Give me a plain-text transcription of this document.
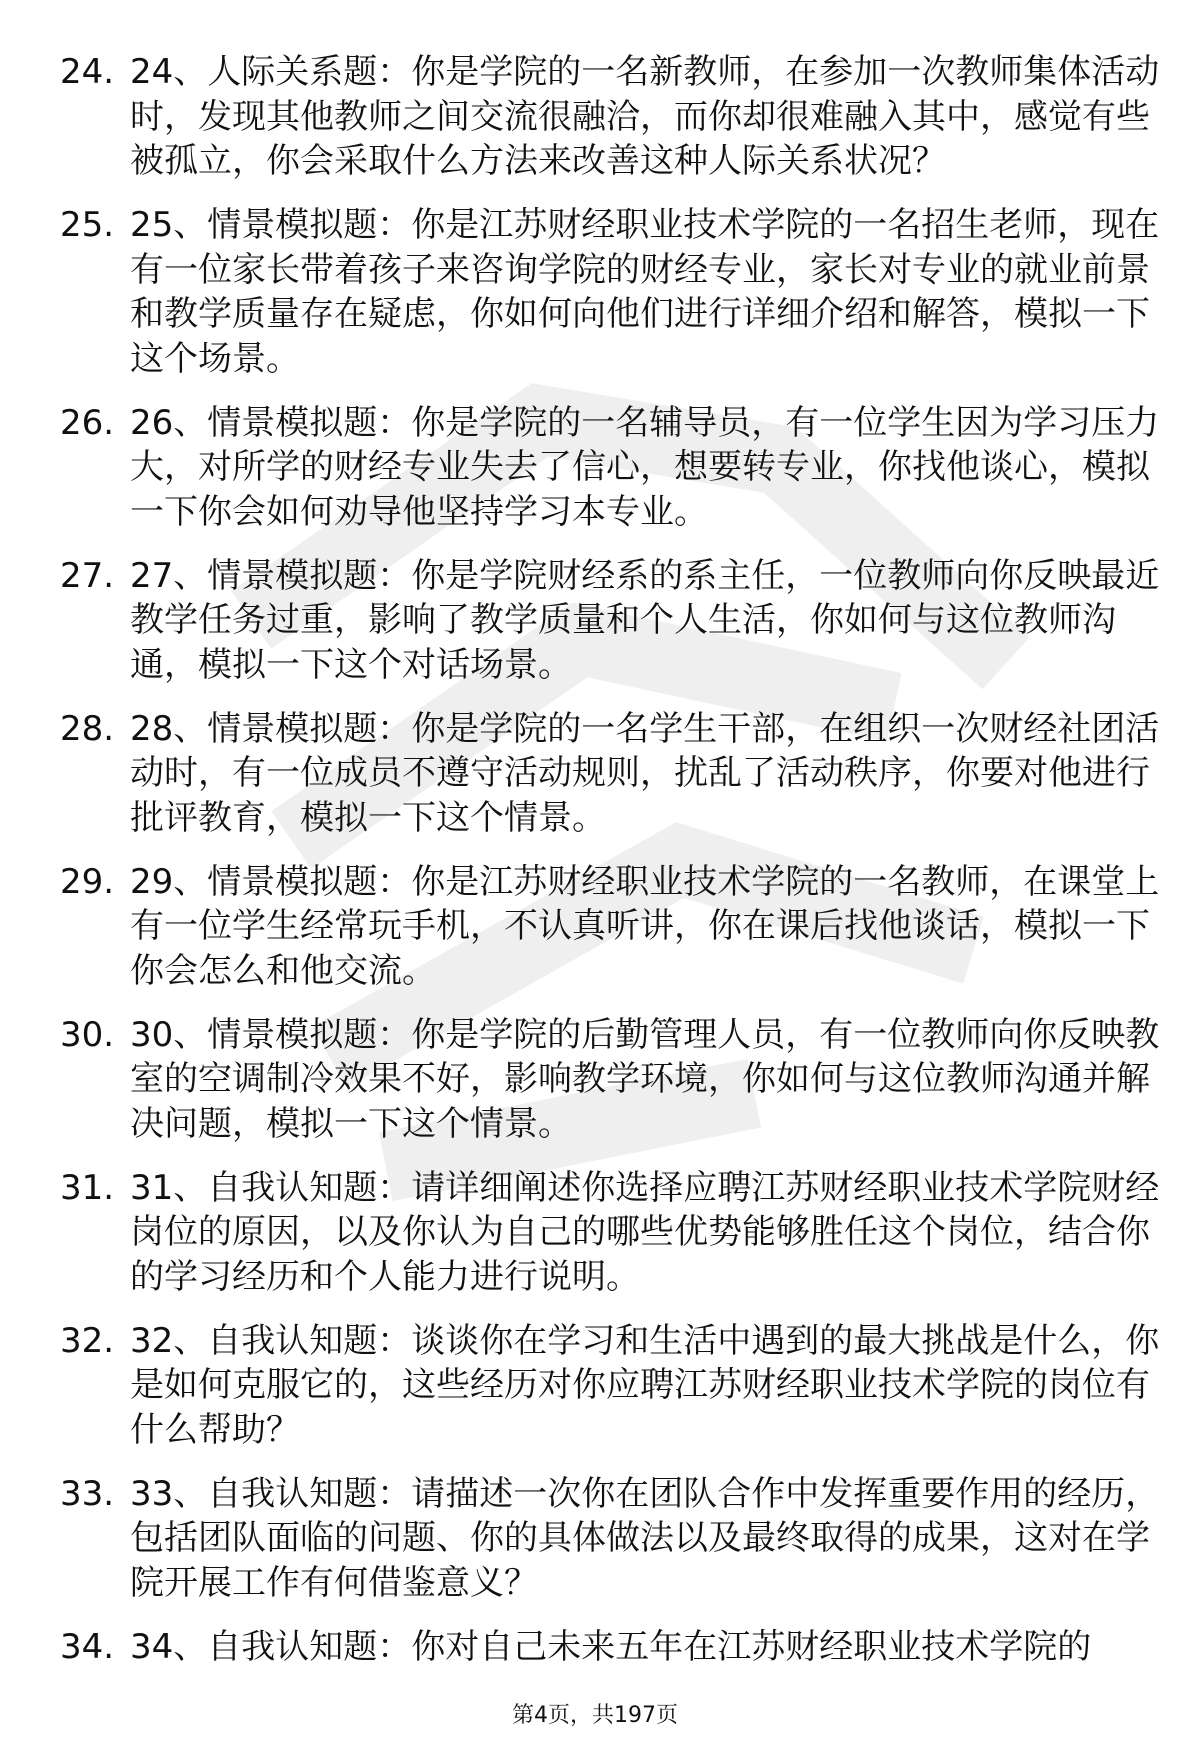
24. 24、人际关系题：你是学院的一名新教师，在参加一次教师集体活动时，发现其他教师之间交流很融洽，而你却很难融入其中，感觉有些被孤立，你会采取什么方法来改善这种人际关系状况？
25. 25、情景模拟题：你是江苏财经职业技术学院的一名招生老师，现在有一位家长带着孩子来咨询学院的财经专业，家长对专业的就业前景和教学质量存在疑虑，你如何向他们进行详细介绍和解答，模拟一下这个场景。
26. 26、情景模拟题：你是学院的一名辅导员，有一位学生因为学习压力大，对所学的财经专业失去了信心，想要转专业，你找他谈心，模拟一下你会如何劝导他坚持学习本专业。
27. 27、情景模拟题：你是学院财经系的系主任，一位教师向你反映最近教学任务过重，影响了教学质量和个人生活，你如何与这位教师沟通，模拟一下这个对话场景。
28. 28、情景模拟题：你是学院的一名学生干部，在组织一次财经社团活动时，有一位成员不遵守活动规则，扰乱了活动秩序，你要对他进行批评教育，模拟一下这个情景。
29. 29、情景模拟题：你是江苏财经职业技术学院的一名教师，在课堂上有一位学生经常玩手机，不认真听讲，你在课后找他谈话，模拟一下你会怎么和他交流。
30. 30、情景模拟题：你是学院的后勤管理人员，有一位教师向你反映教室的空调制冷效果不好，影响教学环境，你如何与这位教师沟通并解决问题，模拟一下这个情景。
31. 31、自我认知题：请详细阐述你选择应聘江苏财经职业技术学院财经岗位的原因，以及你认为自己的哪些优势能够胜任这个岗位，结合你的学习经历和个人能力进行说明。
32. 32、自我认知题：谈谈你在学习和生活中遇到的最大挑战是什么，你是如何克服它的，这些经历对你应聘江苏财经职业技术学院的岗位有什么帮助？
33. 33、自我认知题：请描述一次你在团队合作中发挥重要作用的经历，包括团队面临的问题、你的具体做法以及最终取得的成果，这对在学院开展工作有何借鉴意义？
34. 34、自我认知题：你对自己未来五年在江苏财经职业技术学院的
第4页，共197页
